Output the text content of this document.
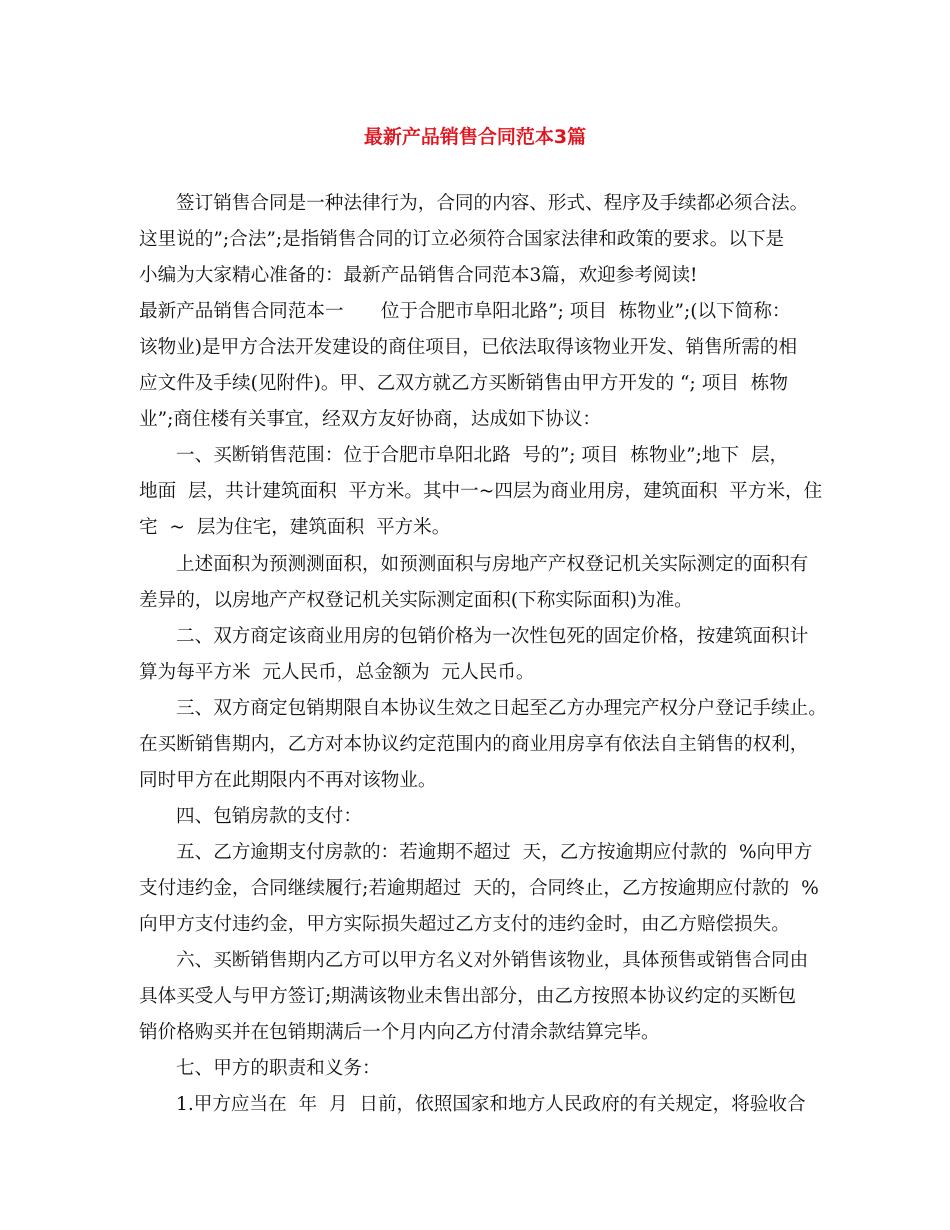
最新产品销售合同范本3篇
签订销售合同是一种法律行为，合同的内容、形式、程序及手续都必须合法。
这里说的”;合法”;是指销售合同的订立必须符合国家法律和政策的要求。以下是
小编为大家精心准备的：最新产品销售合同范本3篇，欢迎参考阅读!
最新产品销售合同范本一　　位于合肥市阜阳北路”; 项目  栋物业”;(以下简称：
该物业)是甲方合法开发建设的商住项目，已依法取得该物业开发、销售所需的相
应文件及手续(见附件)。甲、乙双方就乙方买断销售由甲方开发的 “; 项目  栋物
业”;商住楼有关事宜，经双方友好协商，达成如下协议：
一、买断销售范围：位于合肥市阜阳北路  号的”; 项目  栋物业”;地下  层，
地面  层，共计建筑面积  平方米。其中一~四层为商业用房，建筑面积  平方米，住
宅  ~  层为住宅，建筑面积  平方米。
上述面积为预测测面积，如预测面积与房地产产权登记机关实际测定的面积有
差异的，以房地产产权登记机关实际测定面积(下称实际面积)为准。
二、双方商定该商业用房的包销价格为一次性包死的固定价格，按建筑面积计
算为每平方米  元人民币，总金额为  元人民币。
三、双方商定包销期限自本协议生效之日起至乙方办理完产权分户登记手续止。
在买断销售期内，乙方对本协议约定范围内的商业用房享有依法自主销售的权利，
同时甲方在此期限内不再对该物业。
四、包销房款的支付：
五、乙方逾期支付房款的：若逾期不超过  天，乙方按逾期应付款的  %向甲方
支付违约金，合同继续履行;若逾期超过  天的，合同终止，乙方按逾期应付款的  %
向甲方支付违约金，甲方实际损失超过乙方支付的违约金时，由乙方赔偿损失。
六、买断销售期内乙方可以甲方名义对外销售该物业，具体预售或销售合同由
具体买受人与甲方签订;期满该物业未售出部分，由乙方按照本协议约定的买断包
销价格购买并在包销期满后一个月内向乙方付清余款结算完毕。
七、甲方的职责和义务：
1.甲方应当在  年  月  日前，依照国家和地方人民政府的有关规定，将验收合
